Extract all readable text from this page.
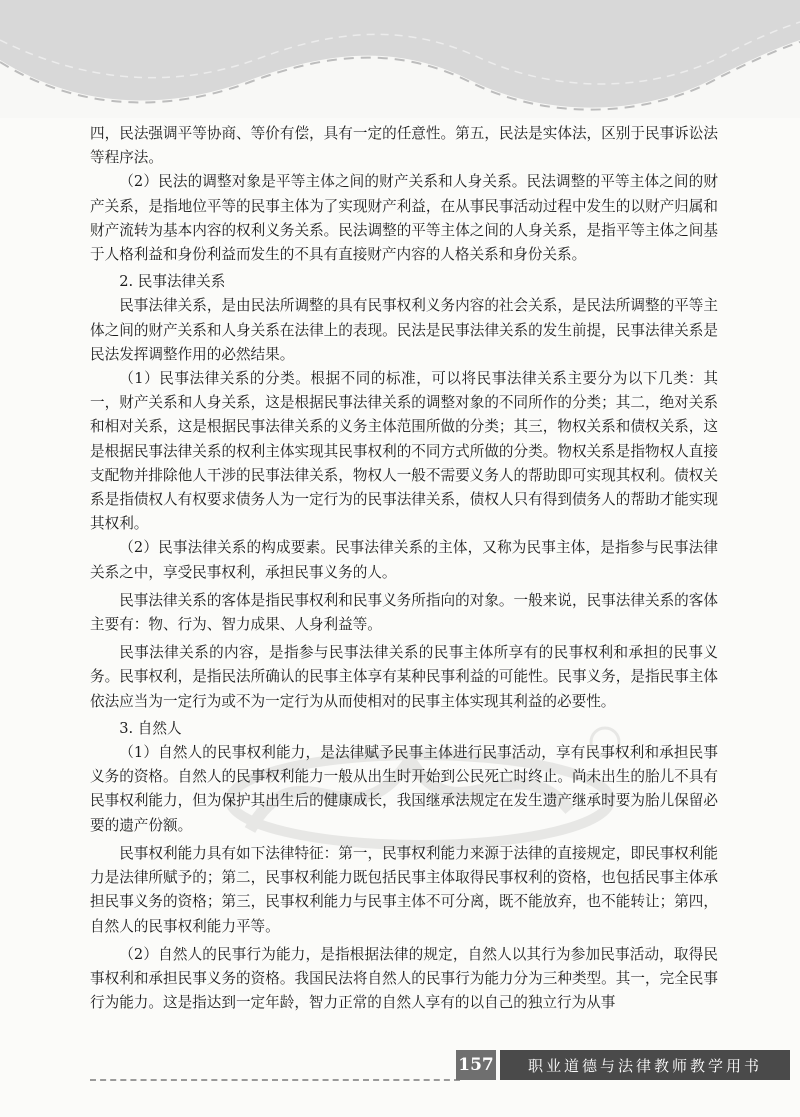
四，民法强调平等协商、等价有偿，具有一定的任意性。第五，民法是实体法，区别于民事诉讼法等程序法。

（2）民法的调整对象是平等主体之间的财产关系和人身关系。民法调整的平等主体之间的财产关系，是指地位平等的民事主体为了实现财产利益，在从事民事活动过程中发生的以财产归属和财产流转为基本内容的权利义务关系。民法调整的平等主体之间的人身关系，是指平等主体之间基于人格利益和身份利益而发生的不具有直接财产内容的人格关系和身份关系。

2. 民事法律关系

民事法律关系，是由民法所调整的具有民事权利义务内容的社会关系，是民法所调整的平等主体之间的财产关系和人身关系在法律上的表现。民法是民事法律关系的发生前提，民事法律关系是民法发挥调整作用的必然结果。

（1）民事法律关系的分类。根据不同的标准，可以将民事法律关系主要分为以下几类：其一，财产关系和人身关系，这是根据民事法律关系的调整对象的不同所作的分类；其二，绝对关系和相对关系，这是根据民事法律关系的义务主体范围所做的分类；其三，物权关系和债权关系，这是根据民事法律关系的权利主体实现其民事权利的不同方式所做的分类。物权关系是指物权人直接支配物并排除他人干涉的民事法律关系，物权人一般不需要义务人的帮助即可实现其权利。债权关系是指债权人有权要求债务人为一定行为的民事法律关系，债权人只有得到债务人的帮助才能实现其权利。

（2）民事法律关系的构成要素。民事法律关系的主体，又称为民事主体，是指参与民事法律关系之中，享受民事权利，承担民事义务的人。

民事法律关系的客体是指民事权利和民事义务所指向的对象。一般来说，民事法律关系的客体主要有：物、行为、智力成果、人身利益等。

民事法律关系的内容，是指参与民事法律关系的民事主体所享有的民事权利和承担的民事义务。民事权利，是指民法所确认的民事主体享有某种民事利益的可能性。民事义务，是指民事主体依法应当为一定行为或不为一定行为从而使相对的民事主体实现其利益的必要性。

3. 自然人

（1）自然人的民事权利能力，是法律赋予民事主体进行民事活动，享有民事权利和承担民事义务的资格。自然人的民事权利能力一般从出生时开始到公民死亡时终止。尚未出生的胎儿不具有民事权利能力，但为保护其出生后的健康成长，我国继承法规定在发生遗产继承时要为胎儿保留必要的遗产份额。

民事权利能力具有如下法律特征：第一，民事权利能力来源于法律的直接规定，即民事权利能力是法律所赋予的；第二，民事权利能力既包括民事主体取得民事权利的资格，也包括民事主体承担民事义务的资格；第三，民事权利能力与民事主体不可分离，既不能放弃，也不能转让；第四，自然人的民事权利能力平等。

（2）自然人的民事行为能力，是指根据法律的规定，自然人以其行为参加民事活动，取得民事权利和承担民事义务的资格。我国民法将自然人的民事行为能力分为三种类型。其一，完全民事行为能力。这是指达到一定年龄，智力正常的自然人享有的以自己的独立行为从事

157	职业道德与法律教师教学用书
